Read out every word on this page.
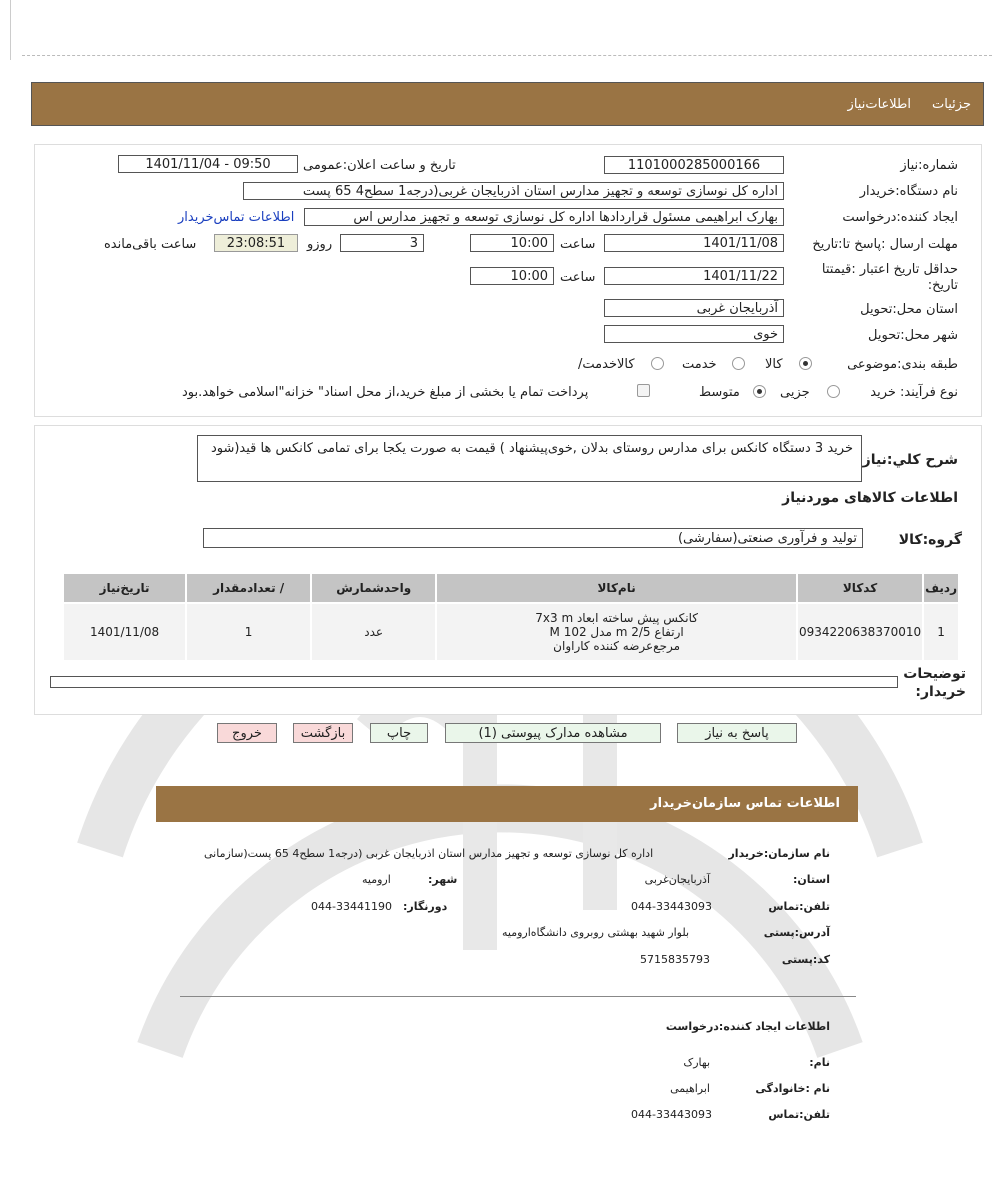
جزئیات
اطلاعات‌نیاز
شماره:نیاز
1101000285000166
تاریخ و ساعت اعلان:عمومی
1401/11/04 - 09:50
نام دستگاه:خریدار
اداره کل نوسازی توسعه و تجهیز مدارس استان اذربایجان غربی(درجه1 سطح4 65 پست
ایجاد کننده:درخواست
بهارک ابراهیمی مسئول قراردادها اداره کل نوسازی توسعه و تجهیز مدارس اس
اطلاعات تماس‌خریدار
مهلت ارسال :پاسخ تا:تاریخ
1401/11/08
ساعت
10:00
3
روزو
23:08:51
ساعت باقی‌مانده
حداقل تاریخ اعتبار :قیمتتا
:تاریخ
1401/11/22
ساعت
10:00
استان محل:تحویل
آذربایجان غربی
شهر محل:تحویل
خوی
طبقه بندی:موضوعی
کالا
خدمت
/کالاخدمت
نوع فرآیند: خرید
جزیی
متوسط
پرداخت تمام یا بخشی از مبلغ خرید،از محل اسناد" خزانه"اسلامی خواهد.بود
شرح کلي:نیاز
خرید 3 دستگاه کانکس برای مدارس روستای بدلان ,خوی‌پیشنهاد ) قیمت به صورت یکجا برای تمامی کانکس ها قید(شود
اطلاعات کالاهای موردنیاز
گروه:کالا
تولید و فرآوری صنعتی(سفارشی)
ردیف	کدکالا	نام‌کالا	واحدشمارش	/ تعدادمقدار	تاریخ‌نیاز
1	0934220638370010	کانکس پیش ساخته ابعاد 7x3 m
ارتفاع 2/5 m مدل M 102
مرجع‌عرضه کننده کاراوان	عدد	1	1401/11/08
توضیحات
:خریدار
پاسخ به نیاز
مشاهده مدارک پیوستی (1)
چاپ
بازگشت
خروج
اطلاعات تماس سازمان‌خریدار
نام سازمان:خریدار
اداره کل نوسازی توسعه و تجهیز مدارس استان اذربایجان غربی (درجه1 سطح4 65 پست(سازمانی
:استان
آذربایجان‌غربی
:شهر
ارومیه
تلفن:تماس
044-33443093
:دورنگار
044-33441190
آدرس:پستی
بلوار شهید بهشتی روبروی دانشگاه‌ارومیه
کد:پستی
5715835793
اطلاعات ایجاد کننده:درخواست
:نام
بهارک
نام :خانوادگی
ابراهیمی
تلفن:تماس
044-33443093
